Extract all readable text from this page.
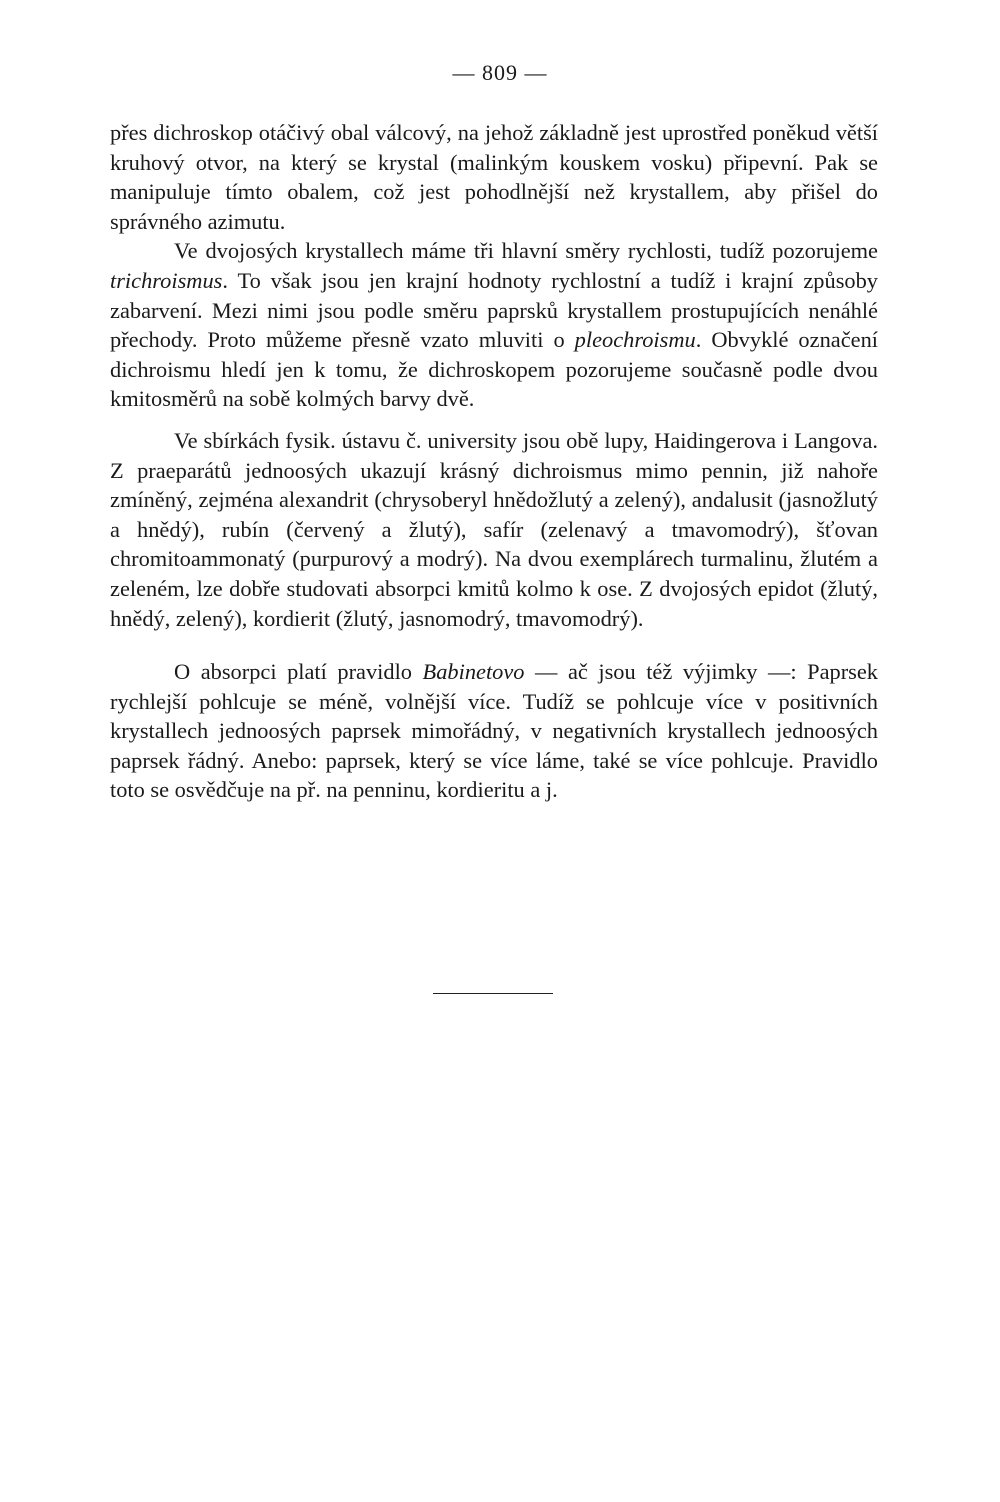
— 809 —

přes dichroskop otáčivý obal válcový, na jehož základně jest uprostřed poněkud větší kruhový otvor, na který se krystal (malinkým kouskem vosku) připevní. Pak se manipuluje tímto obalem, což jest pohodlnější než krystallem, aby přišel do správného azimutu.

Ve dvojosých krystallech máme tři hlavní směry rychlosti, tudíž pozorujeme trichroismus. To však jsou jen krajní hodnoty rychlostní a tudíž i krajní způsoby zabarvení. Mezi nimi jsou podle směru paprsků krystallem prostupujících nenáhlé přechody. Proto můžeme přesně vzato mluviti o pleochroismu. Obvyklé označení dichroismu hledí jen k tomu, že dichroskopem pozorujeme současně podle dvou kmitosměrů na sobě kolmých barvy dvě.

Ve sbírkách fysik. ústavu č. university jsou obě lupy, Haidingerova i Langova. Z praeparátů jednoosých ukazují krásný dichroismus mimo pennin, již nahoře zmíněný, zejména alexandrit (chrysoberyl hnědožlutý a zelený), andalusit (jasnožlutý a hnědý), rubín (červený a žlutý), safír (zelenavý a tmavomodrý), šťovan chromitoammonatý (purpurový a modrý). Na dvou exemplárech turmalinu, žlutém a zeleném, lze dobře studovati absorpci kmitů kolmo k ose. Z dvojosých epidot (žlutý, hnědý, zelený), kordierit (žlutý, jasnomodrý, tmavomodrý).

O absorpci platí pravidlo Babinetovo — ač jsou též výjimky —: Paprsek rychlejší pohlcuje se méně, volnější více. Tudíž se pohlcuje více v positivních krystallech jednoosých paprsek mimořádný, v negativních krystallech jednoosých paprsek řádný. Anebo: paprsek, který se více láme, také se více pohlcuje. Pravidlo toto se osvědčuje na př. na penninu, kordieritu a j.
